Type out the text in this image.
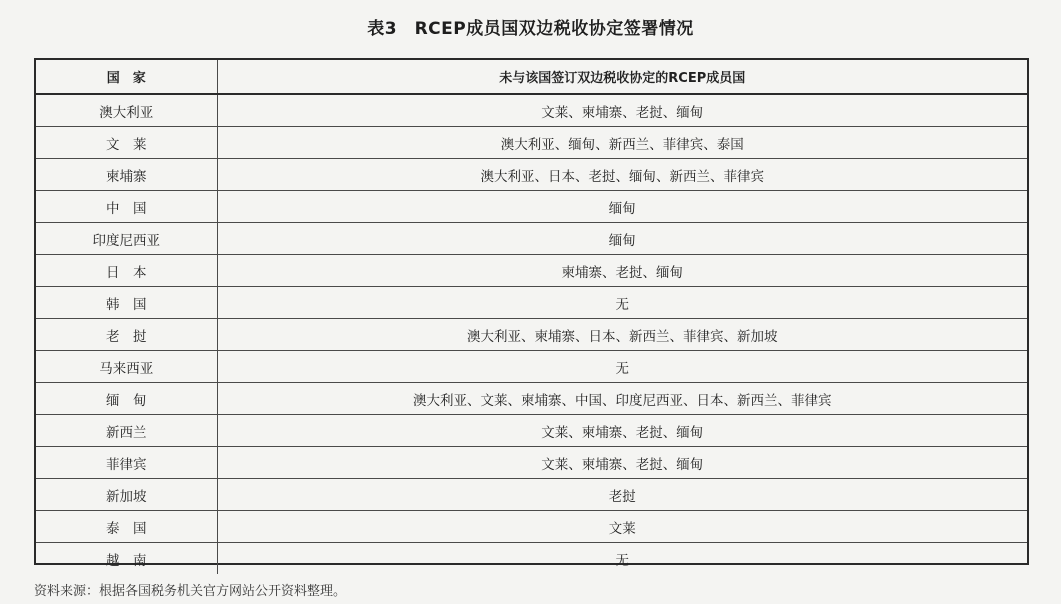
表3　RCEP成员国双边税收协定签署情况
国　家	未与该国签订双边税收协定的RCEP成员国
澳大利亚	文莱、柬埔寨、老挝、缅甸
文　莱	澳大利亚、缅甸、新西兰、菲律宾、泰国
柬埔寨	澳大利亚、日本、老挝、缅甸、新西兰、菲律宾
中　国	缅甸
印度尼西亚	缅甸
日　本	柬埔寨、老挝、缅甸
韩　国	无
老　挝	澳大利亚、柬埔寨、日本、新西兰、菲律宾、新加坡
马来西亚	无
缅　甸	澳大利亚、文莱、柬埔寨、中国、印度尼西亚、日本、新西兰、菲律宾
新西兰	文莱、柬埔寨、老挝、缅甸
菲律宾	文莱、柬埔寨、老挝、缅甸
新加坡	老挝
泰　国	文莱
越　南	无
资料来源：根据各国税务机关官方网站公开资料整理。
